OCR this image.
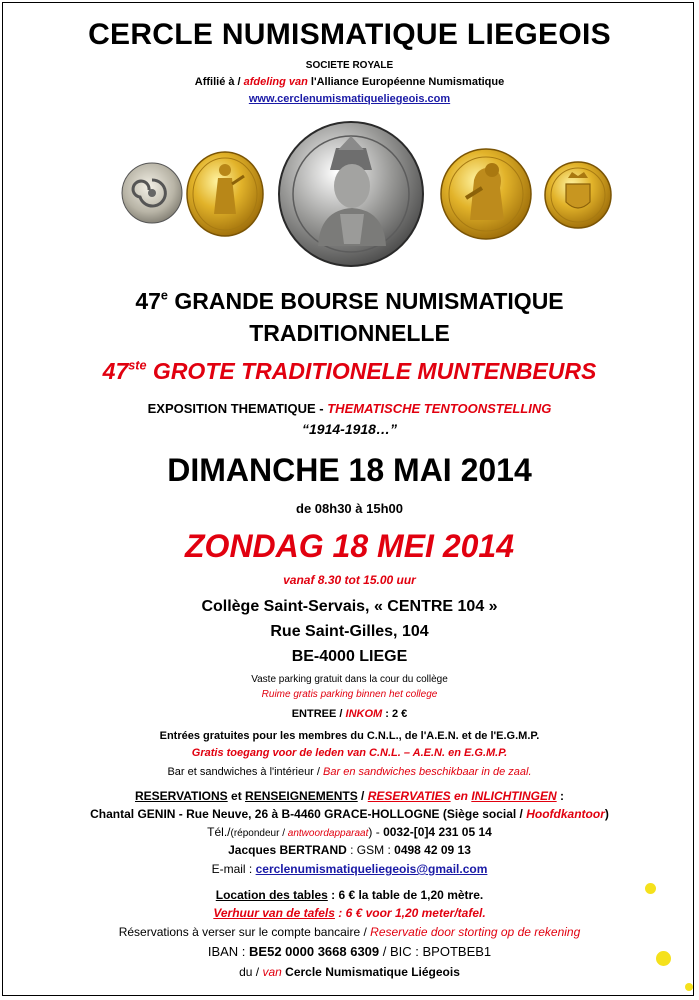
CERCLE NUMISMATIQUE LIEGEOIS
SOCIETE ROYALE
Affilié à / afdeling van l'Alliance Européenne Numismatique
www.cerclenumismatiqueliegeois.com
47e GRANDE BOURSE NUMISMATIQUE
TRADITIONNELLE
47ste GROTE TRADITIONELE MUNTENBEURS
EXPOSITION THEMATIQUE - THEMATISCHE TENTOONSTELLING
“1914-1918…”
DIMANCHE 18 MAI 2014
de 08h30 à 15h00
ZONDAG 18 MEI 2014
vanaf 8.30 tot 15.00 uur
Collège Saint-Servais, « CENTRE 104 »
Rue Saint-Gilles, 104
BE-4000 LIEGE
Vaste parking gratuit dans la cour du collège
Ruime gratis parking binnen het college
ENTREE / INKOM : 2 €
Entrées gratuites pour les membres du C.N.L., de l'A.E.N. et de l'E.G.M.P.
Gratis toegang voor de leden van C.N.L. – A.E.N. en E.G.M.P.
Bar et sandwiches à l'intérieur / Bar en sandwiches beschikbaar in de zaal.
RESERVATIONS et RENSEIGNEMENTS / RESERVATIES en INLICHTINGEN :
Chantal GENIN - Rue Neuve, 26 à B-4460 GRACE-HOLLOGNE (Siège social / Hoofdkantoor)
Tél./(répondeur / antwoordapparaat) - 0032-[0]4 231 05 14
Jacques BERTRAND : GSM : 0498 42 09 13
E-mail : cerclenumismatiqueliegeois@gmail.com
Location des tables : 6 € la table de 1,20 mètre.
Verhuur van de tafels : 6 € voor 1,20 meter/tafel.
Réservations à verser sur le compte bancaire / Reservatie door storting op de rekening
IBAN : BE52 0000 3668 6309 / BIC : BPOTBEB1
du / van Cercle Numismatique Liégeois
